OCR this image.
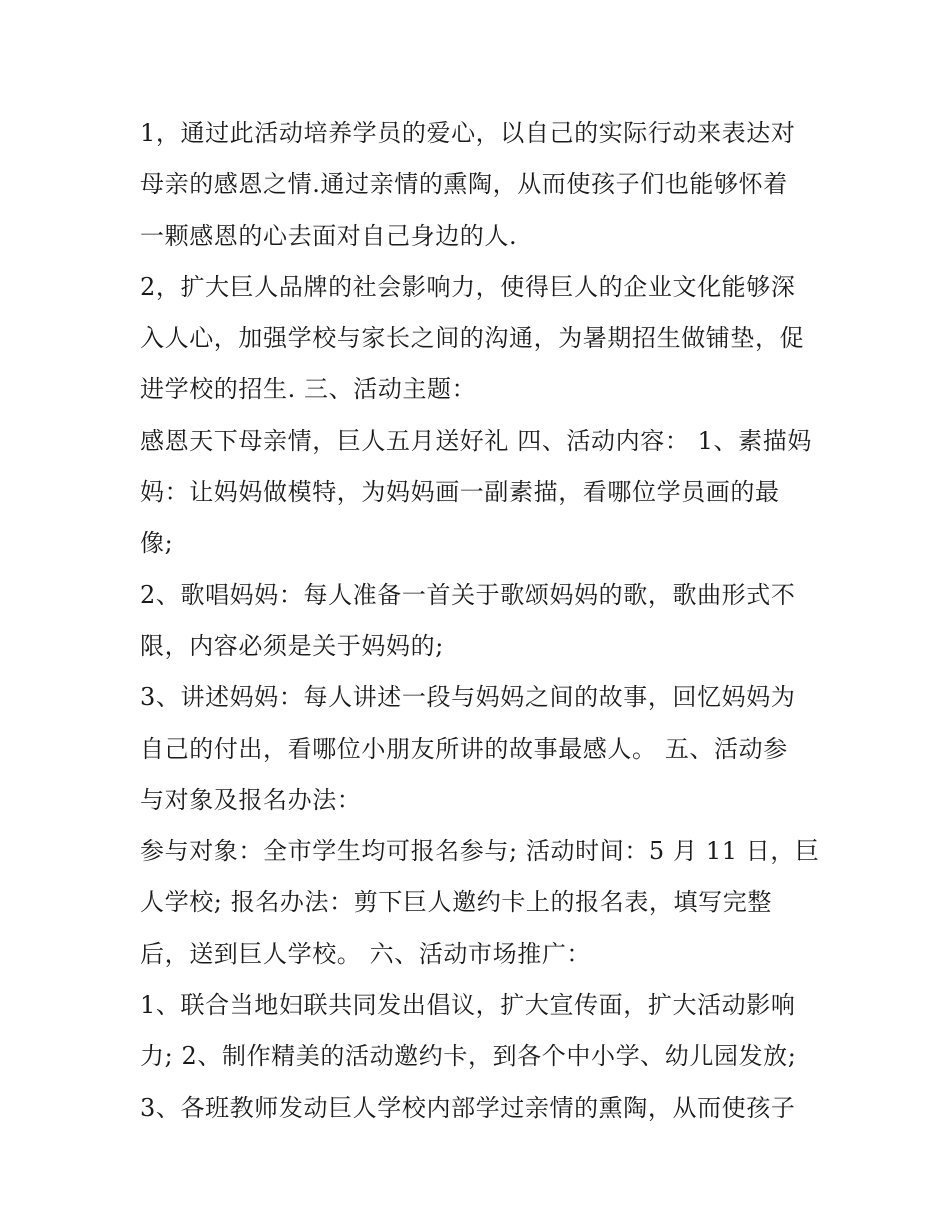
1，通过此活动培养学员的爱心，以自己的实际行动来表达对
母亲的感恩之情.通过亲情的熏陶，从而使孩子们也能够怀着
一颗感恩的心去面对自己身边的人.
2，扩大巨人品牌的社会影响力，使得巨人的企业文化能够深
入人心，加强学校与家长之间的沟通，为暑期招生做铺垫，促
进学校的招生. 三、活动主题：
感恩天下母亲情，巨人五月送好礼 四、活动内容： 1、素描妈
妈：让妈妈做模特，为妈妈画一副素描，看哪位学员画的最
像;
2、歌唱妈妈：每人准备一首关于歌颂妈妈的歌，歌曲形式不
限，内容必须是关于妈妈的;
3、讲述妈妈：每人讲述一段与妈妈之间的故事，回忆妈妈为
自己的付出，看哪位小朋友所讲的故事最感人。 五、活动参
与对象及报名办法：
参与对象：全市学生均可报名参与; 活动时间：5 月 11 日，巨
人学校; 报名办法：剪下巨人邀约卡上的报名表，填写完整
后，送到巨人学校。 六、活动市场推广：
1、联合当地妇联共同发出倡议，扩大宣传面，扩大活动影响
力; 2、制作精美的活动邀约卡，到各个中小学、幼儿园发放;
3、各班教师发动巨人学校内部学过亲情的熏陶，从而使孩子
